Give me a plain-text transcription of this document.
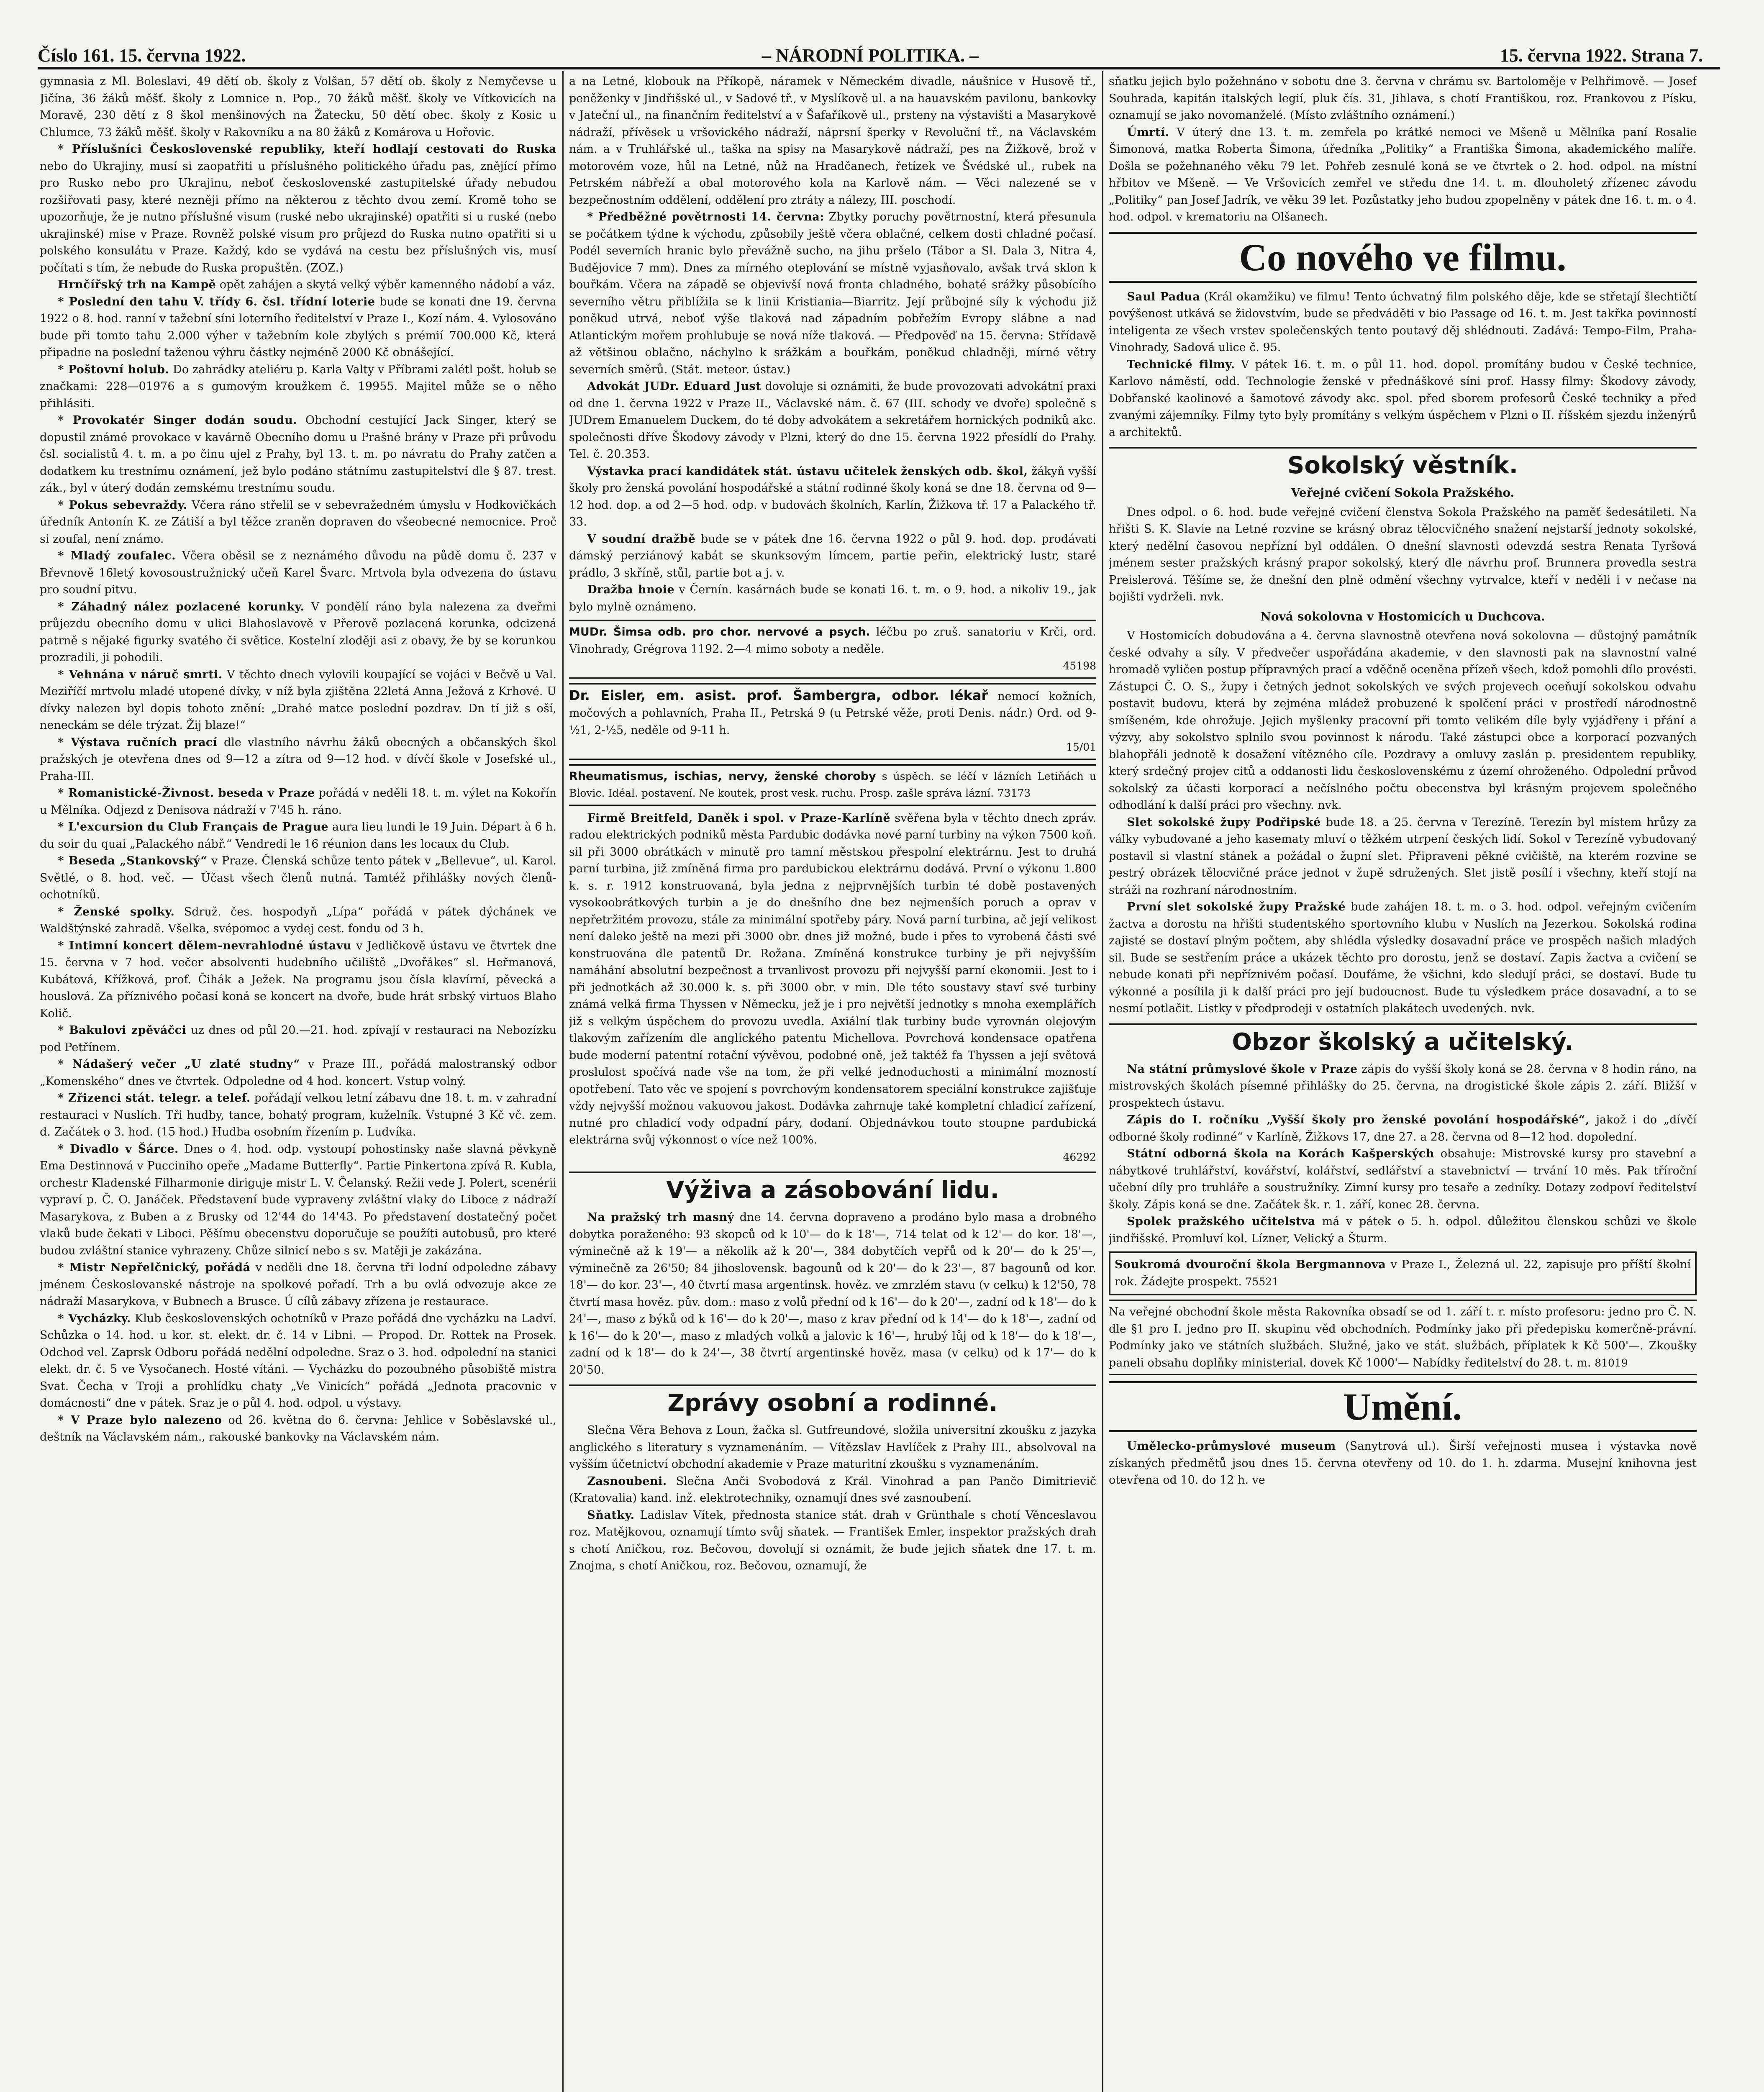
Číslo 161. 15. června 1922.	– NÁRODNÍ POLITIKA. –	15. června 1922. Strana 7.

gymnasia z Ml. Boleslavi, 49 dětí ob. školy z Volšan, 57 dětí ob. školy z Nemyčevse u Jičína, 36 žáků měšť. školy z Lomnice n. Pop., 70 žáků měšť. školy ve Vítkovicích na Moravě, 230 dětí z 8 škol menšinových na Žatecku, 50 dětí obec. školy z Kosic u Chlumce, 73 žáků měšť. školy v Rakovníku a na 80 žáků z Komárova u Hořovic.

* Příslušníci Československé republiky, kteří hodlají cestovati do Ruska nebo do Ukrajiny, musí si zaopatřiti u příslušného politického úřadu pas, znějící přímo pro Rusko nebo pro Ukrajinu, neboť československé zastupitelské úřady nebudou rozšiřovati pasy, které nezněji přímo na některou z těchto dvou zemí. Kromě toho se upozorňuje, že je nutno příslušné visum (ruské nebo ukrajinské) opatřiti si u ruské (nebo ukrajinské) mise v Praze. Rovněž polské visum pro průjezd do Ruska nutno opatřiti si u polského konsulátu v Praze. Každý, kdo se vydává na cestu bez příslušných vis, musí počítati s tím, že nebude do Ruska propuštěn. (ZOZ.)

Hrnčířský trh na Kampě opět zahájen a skytá velký výběr kamenného nádobí a váz.

* Poslední den tahu V. třídy 6. čsl. třídní loterie bude se konati dne 19. června 1922 o 8. hod. ranní v tažební síni loterního ředitelství v Praze I., Kozí nám. 4. Vylosováno bude při tomto tahu 2.000 výher v tažebním kole zbylých s prémií 700.000 Kč, která připadne na poslední taženou výhru částky nejméně 2000 Kč obnášející.

* Poštovní holub. Do zahrádky ateliéru p. Karla Valty v Příbrami zalétl pošt. holub se značkami: 228—01976 a s gumovým kroužkem č. 19955. Majitel může se o něho přihlásiti.

* Provokatér Singer dodán soudu. Obchodní cestující Jack Singer, který se dopustil známé provokace v kavárně Obecního domu u Prašné brány v Praze při průvodu čsl. socialistů 4. t. m. a po činu ujel z Prahy, byl 13. t. m. po návratu do Prahy zatčen a dodatkem ku trestnímu oznámení, jež bylo podáno státnímu zastupitelství dle § 87. trest. zák., byl v úterý dodán zemskému trestnímu soudu.

* Pokus sebevraždy. Včera ráno střelil se v sebevražedném úmyslu v Hodkovičkách úředník Antonín K. ze Zátiší a byl těžce zraněn dopraven do všeobecné nemocnice. Proč si zoufal, není známo.

* Mladý zoufalec. Včera oběsil se z neznámého důvodu na půdě domu č. 237 v Břevnově 16letý kovosoustružnický učeň Karel Švarc. Mrtvola byla odvezena do ústavu pro soudní pitvu.

* Záhadný nález pozlacené korunky. V pondělí ráno byla nalezena za dveřmi průjezdu obecního domu v ulici Blahoslavově v Přerově pozlacená korunka, odcizená patrně s nějaké figurky svatého či světice. Kostelní zloději asi z obavy, že by se korunkou prozradili, ji pohodili.

* Vehnána v náruč smrti. V těchto dnech vylovili koupající se vojáci v Bečvě u Val. Meziříčí mrtvolu mladé utopené dívky, v níž byla zjištěna 22letá Anna Ježová z Krhové. U dívky nalezen byl dopis tohoto znění: „Drahé matce poslední pozdrav. Dn tí již s oší, neneckám se déle trýzat. Žij blaze!“

* Výstava ručních prací dle vlastního návrhu žáků obecných a občanských škol pražských je otevřena dnes od 9—12 a zítra od 9—12 hod. v dívčí škole v Josefské ul., Praha-III.

* Romanistické-Živnost. beseda v Praze pořádá v neděli 18. t. m. výlet na Kokořín u Mělníka. Odjezd z Denisova nádraží v 7'45 h. ráno.

* L'excursion du Club Français de Prague aura lieu lundi le 19 Juin. Départ à 6 h. du soir du quai „Palackého nábř.“ Vendredi le 16 réunion dans les locaux du Club.

* Beseda „Stankovský“ v Praze. Členská schůze tento pátek v „Bellevue“, ul. Karol. Světlé, o 8. hod. več. — Účast všech členů nutná. Tamtéž přihlášky nových členů-ochotníků.

* Ženské spolky. Sdruž. čes. hospodyň „Lípa“ pořádá v pátek dýchánek ve Waldštýnské zahradě. Všelka, svépomoc a vydej cest. fondu od 3 h.

* Intimní koncert dělem-nevrahlodné ústavu v Jedličkově ústavu ve čtvrtek dne 15. června v 7 hod. večer absolventi hudebního učiliště „Dvořákes“ sl. Heřmanová, Kubátová, Křížková, prof. Čihák a Ježek. Na programu jsou čísla klavírní, pěvecká a houslová. Za příznivého počasí koná se koncert na dvoře, bude hrát srbský virtuos Blaho Količ.

* Bakulovi zpěváčci uz dnes od půl 20.—21. hod. zpívají v restauraci na Nebozízku pod Petřínem.

* Nádašerý večer „U zlaté studny“ v Praze III., pořádá malostranský odbor „Komenského“ dnes ve čtvrtek. Odpoledne od 4 hod. koncert. Vstup volný.

* Zřizenci stát. telegr. a telef. pořádají velkou letní zábavu dne 18. t. m. v zahradní restauraci v Nuslích. Tři hudby, tance, bohatý program, kuželník. Vstupné 3 Kč vč. zem. d. Začátek o 3. hod. (15 hod.) Hudba osobním řízením p. Ludvíka.

* Divadlo v Šárce. Dnes o 4. hod. odp. vystoupí pohostinsky naše slavná pěvkyně Ema Destinnová v Pucciniho opeře „Madame Butterfly“. Partie Pinkertona zpívá R. Kubla, orchestr Kladenské Filharmonie diriguje mistr L. V. Čelanský. Režii vede J. Polert, scenérii vypraví p. Č. O. Janáček. Představení bude vypraveny zvláštní vlaky do Liboce z nádraží Masarykova, z Buben a z Brusky od 12'44 do 14'43. Po představení dostatečný počet vlaků bude čekati v Liboci. Pěšímu obecenstvu doporučuje se použíti autobusů, pro které budou zvláštní stanice vyhrazeny. Chůze silnicí nebo s sv. Matěji je zakázána.

* Mistr Nepřelčnický, pořádá v neděli dne 18. června tři lodní odpoledne zábavy jménem Českoslovanské nástroje na spolkové pořadí. Trh a bu ovlá odvozuje akce ze nádraží Masarykova, v Bubnech a Brusce. Ú cílů zábavy zřízena je restaurace.

* Vycházky. Klub československých ochotníků v Praze pořádá dne vycházku na Ladví. Schůzka o 14. hod. u kor. st. elekt. dr. č. 14 v Libni. — Propod. Dr. Rottek na Prosek. Odchod vel. Zaprsk Odboru pořádá nedělní odpoledne. Sraz o 3. hod. odpolední na stanici elekt. dr. č. 5 ve Vysočanech. Hosté vítáni. — Vycházku do pozoubného působiště mistra Svat. Čecha v Troji a prohlídku chaty „Ve Vinicích“ pořádá „Jednota pracovnic v domácnosti“ dne v pátek. Sraz je o půl 4. hod. odpol. u výstavy.

* V Praze bylo nalezeno od 26. května do 6. června: Jehlice v Soběslavské ul., deštník na Václavském nám., rakouské bankovky na Václavském nám.

a na Letné, klobouk na Příkopě, náramek v Německém divadle, náušnice v Husově tř., peněženky v Jindřišské ul., v Sadové tř., v Myslíkově ul. a na hauavském pavilonu, bankovky v Jateční ul., na finančním ředitelství a v Šafaříkově ul., prsteny na výstavišti a Masarykově nádraží, přívěsek u vršovického nádraží, náprsní šperky v Revoluční tř., na Václavském nám. a v Truhlářské ul., taška na spisy na Masarykově nádraží, pes na Žižkově, brož v motorovém voze, hůl na Letné, nůž na Hradčanech, řetízek ve Švédské ul., rubek na Petrském nábřeží a obal motorového kola na Karlově nám. — Věci nalezené se v bezpečnostním oddělení, oddělení pro ztráty a nálezy, III. poschodí.

* Předběžné povětrnosti 14. června: Zbytky poruchy povětrnostní, která přesunula se počátkem týdne k východu, způsobily ještě včera oblačné, celkem dosti chladné počasí. Podél severních hranic bylo převážně sucho, na jihu pršelo (Tábor a Sl. Dala 3, Nitra 4, Budějovice 7 mm). Dnes za mírného oteplování se místně vyjasňovalo, avšak trvá sklon k bouřkám. Včera na západě se objevivší nová fronta chladného, bohaté srážky působícího severního větru přiblížila se k linii Kristiania—Biarritz. Její průbojné síly k východu již poněkud utrvá, neboť výše tlaková nad západním pobřežím Evropy slábne a nad Atlantickým mořem prohlubuje se nová níže tlaková. — Předpověď na 15. června: Střídavě až většinou oblačno, náchylno k srážkám a bouřkám, poněkud chladněji, mírné větry severních směrů. (Stát. meteor. ústav.)

Advokát JUDr. Eduard Just dovoluje si oznámiti, že bude provozovati advokátní praxi od dne 1. června 1922 v Praze II., Václavské nám. č. 67 (III. schody ve dvoře) společně s JUDrem Emanuelem Duckem, do té doby advokátem a sekretářem hornických podniků akc. společnosti dříve Škodovy závody v Plzni, který do dne 15. června 1922 přesídlí do Prahy. Tel. č. 20.353.

Výstavka prací kandidátek stát. ústavu učitelek ženských odb. škol, žákyň vyšší školy pro ženská povolání hospodářské a státní rodinné školy koná se dne 18. června od 9—12 hod. dop. a od 2—5 hod. odp. v budovách školních, Karlín, Žižkova tř. 17 a Palackého tř. 33.

V soudní dražbě bude se v pátek dne 16. června 1922 o půl 9. hod. dop. prodávati dámský perziánový kabát se skunksovým límcem, partie peřin, elektrický lustr, staré prádlo, 3 skříně, stůl, partie bot a j. v.

Dražba hnoie v Černín. kasárnách bude se konati 16. t. m. o 9. hod. a nikoliv 19., jak bylo mylně oznámeno.

MUDr. Šimsa odb. pro chor. nervové a psych. léčbu po zruš. sanatoriu v Krči, ord. Vinohrady, Grégrova 1192. 2—4 mimo soboty a neděle.
45198
Dr. Eisler, em. asist. prof. Šambergra, odbor. lékař nemocí kožních, močových a pohlavních, Praha II., Petrská 9 (u Petrské věže, proti Denis. nádr.) Ord. od 9-½1, 2-½5, neděle od 9-11 h.
15/01
Rheumatismus, ischias, nervy, ženské choroby s úspěch. se léčí v lázních Letiňách u Blovic. Idéal. postavení. Ne koutek, prost vesk. ruchu. Prosp. zašle správa lázní. 73173

Firmě Breitfeld, Daněk i spol. v Praze-Karlíně svěřena byla v těchto dnech zpráv. radou elektrických podniků města Pardubic dodávka nové parní turbiny na výkon 7500 koň. sil při 3000 obrátkách v minutě pro tamní městskou přespolní elektrárnu. Jest to druhá parní turbina, již zmíněná firma pro pardubickou elektrárnu dodává. První o výkonu 1.800 k. s. r. 1912 konstruovaná, byla jedna z nejprvnějších turbin té době postavených vysokoobrátkových turbin a je do dnešního dne bez nejmenších poruch a oprav v nepřetržitém provozu, stále za minimální spotřeby páry. Nová parní turbina, ač její velikost není daleko ještě na mezi při 3000 obr. dnes již možné, bude i přes to vyrobená části své konstruována dle patentů Dr. Rožana. Zmíněná konstrukce turbiny je při nejvyšším namáhání absolutní bezpečnost a trvanlivost provozu při nejvyšší parní ekonomii. Jest to i při jednotkách až 30.000 k. s. při 3000 obr. v min. Dle této soustavy staví své turbiny známá velká firma Thyssen v Německu, jež je i pro největší jednotky s mnoha exemplářích již s velkým úspěchem do provozu uvedla. Axiální tlak turbiny bude vyrovnán olejovým tlakovým zařízením dle anglického patentu Michellova. Povrchová kondensace opatřena bude moderní patentní rotační vývěvou, podobné oně, jež taktéž fa Thyssen a její světová proslulost spočívá nade vše na tom, že při velké jednoduchosti a minimální mozností opotřebení. Tato věc ve spojení s povrchovým kondensatorem speciální konstrukce zajišťuje vždy nejvyšší možnou vakuovou jakost. Dodávka zahrnuje také kompletní chladicí zařízení, nutné pro chladicí vody odpadní páry, dodaní. Objednávkou touto stoupne pardubická elektrárna svůj výkonnost o více než 100%.

46292
Výživa a zásobování lidu.

Na pražský trh masný dne 14. června dopraveno a prodáno bylo masa a drobného dobytka poraženého: 93 skopců od k 10'— do k 18'—, 714 telat od k 12'— do kor. 18'—, výminečně až k 19'— a několik až k 20'—, 384 dobytčích vepřů od k 20'— do k 25'—, výminečně za 26'50; 84 jihoslovensk. bagounů od k 20'— do k 23'—, 87 bagounů od kor. 18'— do kor. 23'—, 40 čtvrtí masa argentinsk. hověz. ve zmrzlém stavu (v celku) k 12'50, 78 čtvrtí masa hověz. pův. dom.: maso z volů přední od k 16'— do k 20'—, zadní od k 18'— do k 24'—, maso z býků od k 16'— do k 20'—, maso z krav přední od k 14'— do k 18'—, zadní od k 16'— do k 20'—, maso z mladých volků a jalovic k 16'—, hrubý lůj od k 18'— do k 18'—, zadní od k 18'— do k 24'—, 38 čtvrtí argentinské hověz. masa (v celku) od k 17'— do k 20'50.

Zprávy osobní a rodinné.

Slečna Věra Behova z Loun, žačka sl. Gutfreundové, složila universitní zkoušku z jazyka anglického s literatury s vyznamenáním. — Vítězslav Havlíček z Prahy III., absolvoval na vyšším účetnictví obchodní akademie v Praze maturitní zkoušku s vyznamenáním.

Zasnoubeni. Slečna Anči Svobodová z Král. Vinohrad a pan Pančo Dimitrievič (Kratovalia) kand. inž. elektrotechniky, oznamují dnes své zasnoubení.

Sňatky. Ladislav Vítek, přednosta stanice stát. drah v Grünthale s chotí Věnceslavou roz. Matějkovou, oznamují tímto svůj sňatek. — František Emler, inspektor pražských drah s chotí Aničkou, roz. Bečovou, dovolují si oznámit, že bude jejich sňatek dne 17. t. m. Znojma, s chotí Aničkou, roz. Bečovou, oznamují, že

sňatku jejich bylo požehnáno v sobotu dne 3. června v chrámu sv. Bartoloměje v Pelhřimově. — Josef Souhrada, kapitán italských legií, pluk čís. 31, Jihlava, s chotí Františkou, roz. Frankovou z Písku, oznamují se jako novomanželé. (Místo zvláštního oznámení.)

Úmrtí. V úterý dne 13. t. m. zemřela po krátké nemoci ve Mšeně u Mělníka paní Rosalie Šimonová, matka Roberta Šimona, úředníka „Politiky“ a Františka Šimona, akademického malíře. Došla se požehnaného věku 79 let. Pohřeb zesnulé koná se ve čtvrtek o 2. hod. odpol. na místní hřbitov ve Mšeně. — Ve Vršovicích zemřel ve středu dne 14. t. m. dlouholetý zřízenec závodu „Politiky“ pan Josef Jadrík, ve věku 39 let. Pozůstatky jeho budou zpopelněny v pátek dne 16. t. m. o 4. hod. odpol. v krematoriu na Olšanech.

Co nového ve filmu.

Saul Padua (Král okamžiku) ve filmu! Tento úchvatný film polského děje, kde se střetají šlechtičtí povýšenost utkává se židovstvím, bude se předváděti v bio Passage od 16. t. m. Jest takřka povinností inteligenta ze všech vrstev společenských tento poutavý děj shlédnouti. Zadává: Tempo-Film, Praha-Vinohrady, Sadová ulice č. 95.

Technické filmy. V pátek 16. t. m. o půl 11. hod. dopol. promítány budou v České technice, Karlovo náměstí, odd. Technologie ženské v přednáškové síni prof. Hassy filmy: Škodovy závody, Dobřanské kaolinové a šamotové závody akc. spol. před sborem profesorů České techniky a před zvanými zájemníky. Filmy tyto byly promítány s velkým úspěchem v Plzni o II. říšském sjezdu inženýrů a architektů.

Sokolský věstník.
Veřejné cvičení Sokola Pražského.

Dnes odpol. o 6. hod. bude veřejné cvičení členstva Sokola Pražského na paměť šedesátileti. Na hřišti S. K. Slavie na Letné rozvine se krásný obraz tělocvičného snažení nejstarší jednoty sokolské, který nedělní časovou nepřízní byl oddálen. O dnešní slavnosti odevzdá sestra Renata Tyršová jménem sester pražských krásný prapor sokolský, který dle návrhu prof. Brunnera provedla sestra Preislerová. Těšíme se, že dnešní den plně odmění všechny vytrvalce, kteří v neděli i v nečase na bojišti vydrželi. nvk.

Nová sokolovna v Hostomicích u Duchcova.

V Hostomicích dobudována a 4. června slavnostně otevřena nová sokolovna — důstojný památník české odvahy a síly. V předvečer uspořádána akademie, v den slavnosti pak na slavnostní valné hromadě vyličen postup přípravných prací a vděčně oceněna přízeň všech, kdož pomohli dílo provésti. Zástupci Č. O. S., župy i četných jednot sokolských ve svých projevech oceňují sokolskou odvahu postavit budovu, která by zejména mládež probuzené k spolčení práci v prostředí národnostně smíšeném, kde ohrožuje. Jejich myšlenky pracovní při tomto velikém díle byly vyjádřeny i přání a výzvy, aby sokolstvo splnilo svou povinnost k národu. Také zástupci obce a korporací pozvaných blahopřáli jednotě k dosažení vítězného cíle. Pozdravy a omluvy zaslán p. presidentem republiky, který srdečný projev citů a oddanosti lidu československému z území ohroženého. Odpolední průvod sokolský za účasti korporací a nečíslného počtu obecenstva byl krásným projevem společného odhodlání k další práci pro všechny. nvk.

Slet sokolské župy Podřipské bude 18. a 25. června v Terezíně. Terezín byl místem hrůzy za války vybudované a jeho kasematy mluví o těžkém utrpení českých lidí. Sokol v Terezíně vybudovaný postavil si vlastní stánek a požádal o župní slet. Připraveni pěkné cvičiště, na kterém rozvine se pestrý obrázek tělocvičné práce jednot v župě sdružených. Slet jistě posílí i všechny, kteří stojí na stráži na rozhraní národnostním.

První slet sokolské župy Pražské bude zahájen 18. t. m. o 3. hod. odpol. veřejným cvičením žactva a dorostu na hřišti studentského sportovního klubu v Nuslích na Jezerkou. Sokolská rodina zajisté se dostaví plným počtem, aby shlédla výsledky dosavadní práce ve prospěch našich mladých sil. Bude se sestřením práce a ukázek těchto pro dorostu, jenž se dostaví. Zapis žactva a cvičení se nebude konati při nepříznivém počasí. Doufáme, že všichni, kdo sledují práci, se dostaví. Bude tu výkonné a posílila ji k další práci pro její budoucnost. Bude tu výsledkem práce dosavadní, a to se nesmí potlačit. Listky v předprodeji v ostatních plakátech uvedených. nvk.

Obzor školský a učitelský.

Na státní průmyslové škole v Praze zápis do vyšší školy koná se 28. června v 8 hodin ráno, na mistrovských školách písemné přihlášky do 25. června, na drogistické škole zápis 2. září. Bližší v prospektech ústavu.

Zápis do I. ročníku „Vyšší školy pro ženské povolání hospodářské“, jakož i do „dívčí odborné školy rodinné“ v Karlíně, Žižkovs 17, dne 27. a 28. června od 8—12 hod. dopolední.

Státní odborná škola na Korách Kašperských obsahuje: Mistrovské kursy pro stavební a nábytkové truhlářství, kovářství, kolářství, sedlářství a stavebnictví — trvání 10 měs. Pak tříroční učební díly pro truhláře a soustružníky. Zimní kursy pro tesaře a zedníky. Dotazy zodpoví ředitelství školy. Zápis koná se dne. Začátek šk. r. 1. září, konec 28. června.

Spolek pražského učitelstva má v pátek o 5. h. odpol. důležitou členskou schůzi ve škole jindřišské. Promluví kol. Lízner, Velický a Šturm.

Soukromá dvouroční škola Bergmannova v Praze I., Železná ul. 22, zapisuje pro příští školní rok. Žádejte prospekt. 75521
Na veřejné obchodní škole města Rakovníka obsadí se od 1. září t. r. místo profesoru: jedno pro Č. N. dle §1 pro I. jedno pro II. skupinu věd obchodních. Podmínky jako při předepisku komerčně-právní. Podmínky jako ve státních službách. Služné, jako ve stát. službách, příplatek k Kč 500'—. Zkoušky paneli obsahu doplňky ministerial. dovek Kč 1000'— Nabídky ředitelství do 28. t. m. 81019
Umění.

Umělecko-průmyslové museum (Sanytrová ul.). Širší veřejnosti musea i výstavka nově získaných předmětů jsou dnes 15. června otevřeny od 10. do 1. h. zdarma. Musejní knihovna jest otevřena od 10. do 12 h. ve
